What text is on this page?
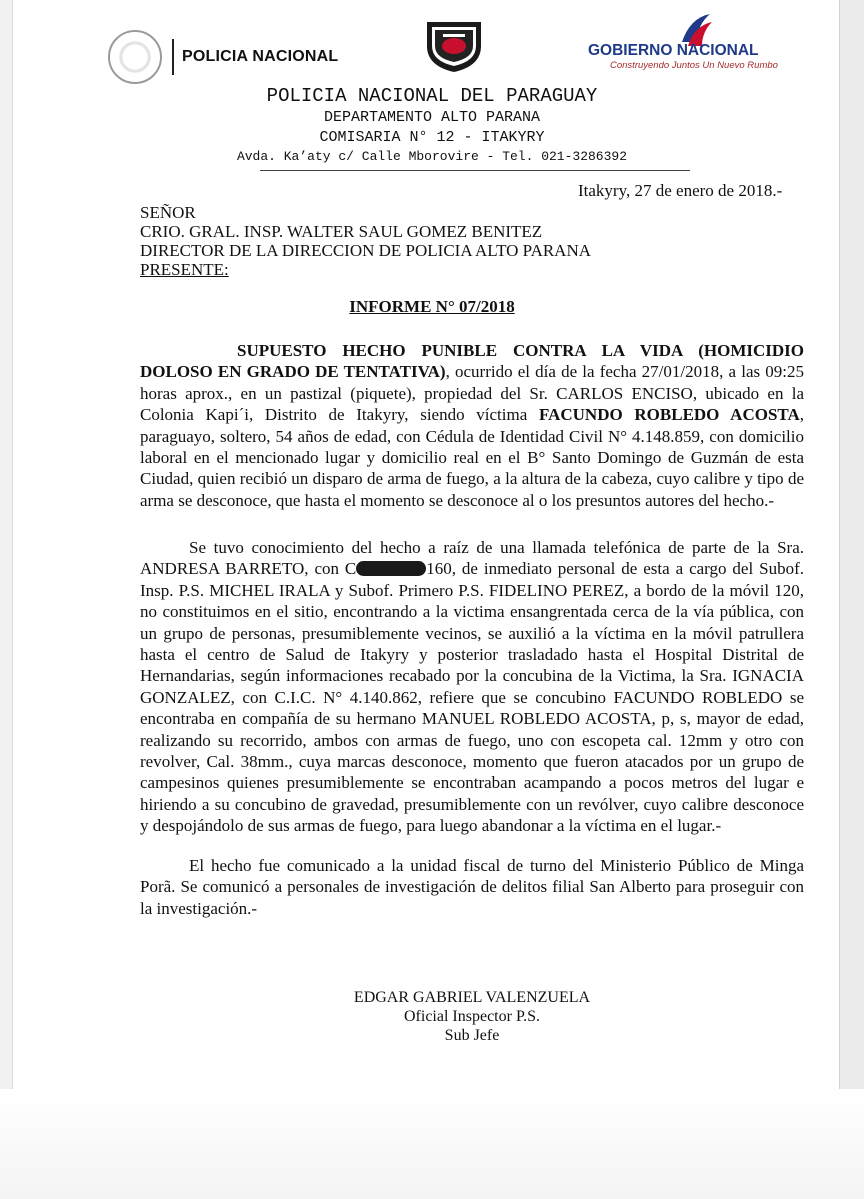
POLICIA NACIONAL	GOBIERNO NACIONAL
Construyendo Juntos Un Nuevo Rumbo
POLICIA NACIONAL DEL PARAGUAY
DEPARTAMENTO ALTO PARANA
COMISARIA N° 12 - ITAKYRY
Avda. Ka’aty c/ Calle Mborovire - Tel. 021-3286392
Itakyry, 27 de enero de 2018.-
SEÑOR
CRIO. GRAL. INSP. WALTER SAUL GOMEZ BENITEZ
DIRECTOR DE LA DIRECCION DE POLICIA ALTO PARANA
PRESENTE:
INFORME N° 07/2018

SUPUESTO HECHO PUNIBLE CONTRA LA VIDA (HOMICIDIO DOLOSO EN GRADO DE TENTATIVA), ocurrido el día de la fecha 27/01/2018, a las 09:25 horas aprox., en un pastizal (piquete), propiedad del Sr. CARLOS ENCISO, ubicado en la Colonia Kapi´i, Distrito de Itakyry, siendo víctima FACUNDO ROBLEDO ACOSTA, paraguayo, soltero, 54 años de edad, con Cédula de Identidad Civil N° 4.148.859, con domicilio laboral en el mencionado lugar y domicilio real en el B° Santo Domingo de Guzmán de esta Ciudad, quien recibió un disparo de arma de fuego, a la altura de la cabeza, cuyo calibre y tipo de arma se desconoce, que hasta el momento se desconoce al o los presuntos autores del hecho.-

Se tuvo conocimiento del hecho a raíz de una llamada telefónica de parte de la Sra. ANDRESA BARRETO, con C	160, de inmediato personal de esta a cargo del Subof. Insp. P.S. MICHEL IRALA y Subof. Primero P.S. FIDELINO PEREZ, a bordo de la móvil 120, no constituimos en el sitio, encontrando a la victima ensangrentada cerca de la vía pública, con un grupo de personas, presumiblemente vecinos, se auxilió a la víctima en la móvil patrullera hasta el centro de Salud de Itakyry y posterior trasladado hasta el Hospital Distrital de Hernandarias, según informaciones recabado por la concubina de la Victima, la Sra. IGNACIA GONZALEZ, con C.I.C. N° 4.140.862, refiere que se concubino FACUNDO ROBLEDO se encontraba en compañía de su hermano MANUEL ROBLEDO ACOSTA, p, s, mayor de edad, realizando su recorrido, ambos con armas de fuego, uno con escopeta cal. 12mm y otro con revolver, Cal. 38mm., cuya marcas desconoce, momento que fueron atacados por un grupo de campesinos quienes presumiblemente se encontraban acampando a pocos metros del lugar e hiriendo a su concubino de gravedad, presumiblemente con un revólver, cuyo calibre desconoce y despojándolo de sus armas de fuego, para luego abandonar a la víctima en el lugar.-

El hecho fue comunicado a la unidad fiscal de turno del Ministerio Público de Minga Porã. Se comunicó a personales de investigación de delitos filial San Alberto para proseguir con la investigación.-

EDGAR GABRIEL VALENZUELA
Oficial Inspector P.S.
Sub Jefe
